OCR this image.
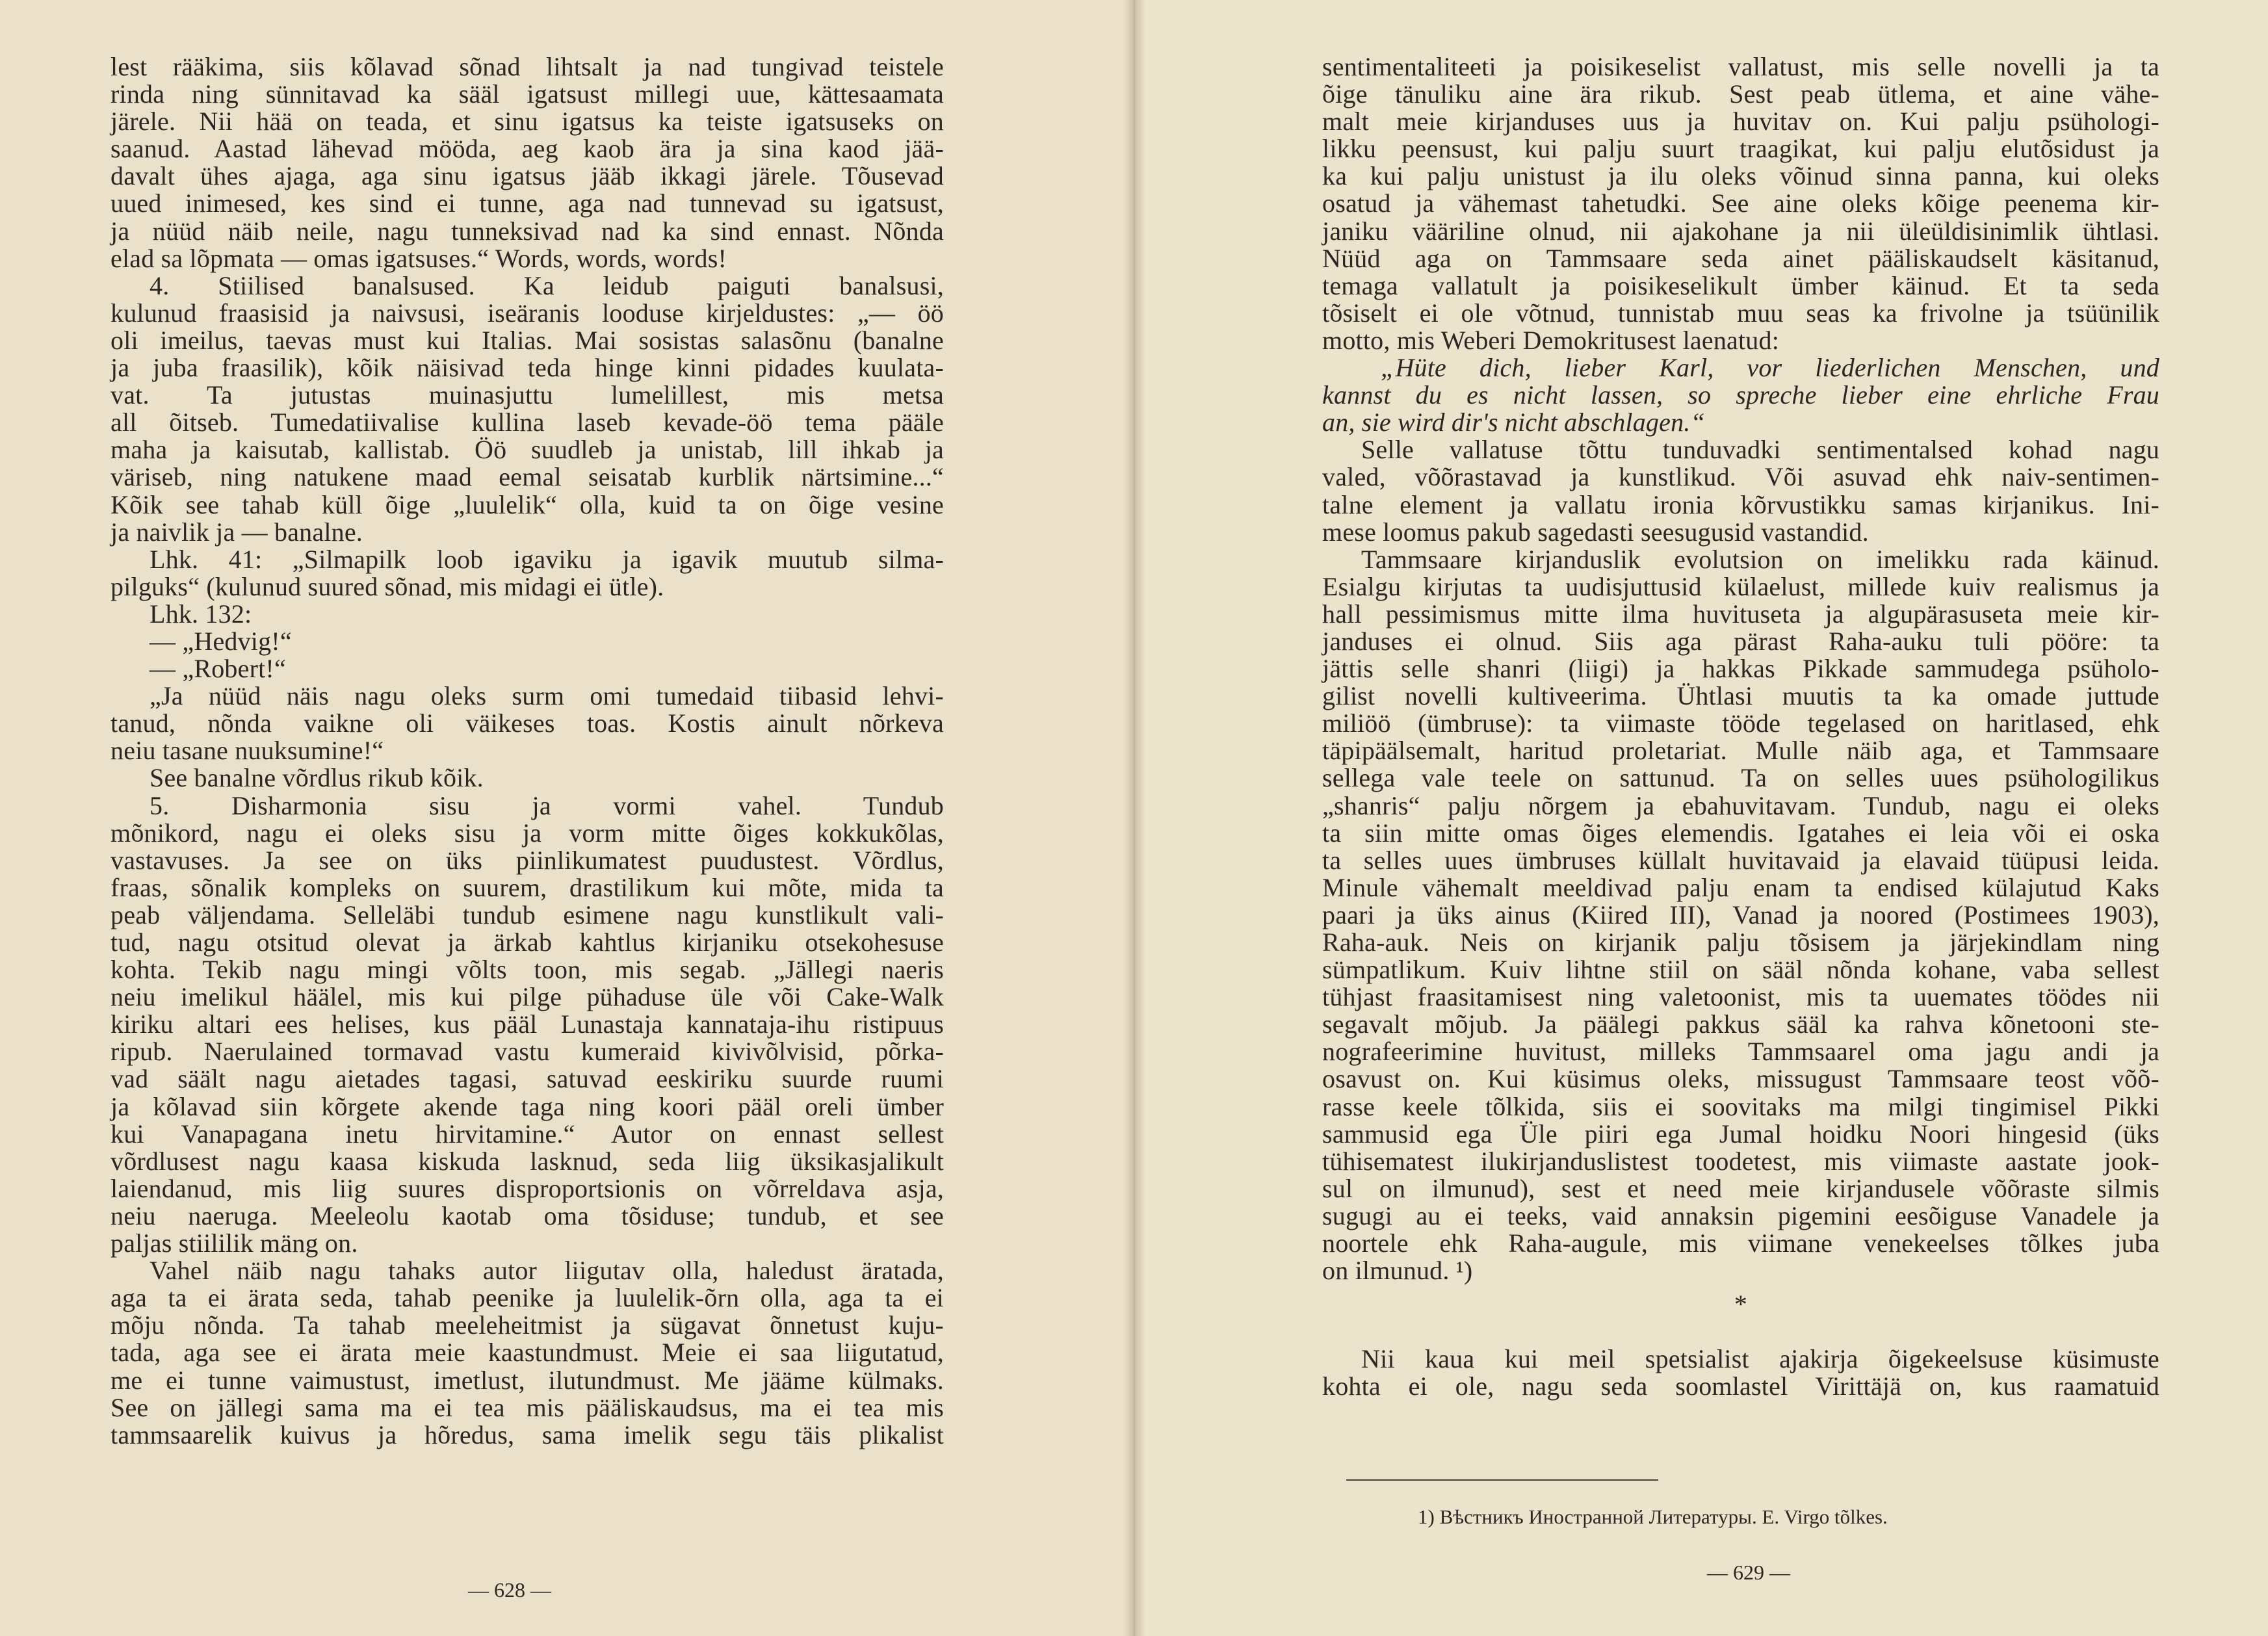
lest rääkima, siis kõlavad sõnad lihtsalt ja nad tungivad teistele
rinda ning sünnitavad ka sääl igatsust millegi uue, kättesaamata
järele. Nii hää on teada, et sinu igatsus ka teiste igatsuseks on
saanud. Aastad lähevad mööda, aeg kaob ära ja sina kaod jää-
davalt ühes ajaga, aga sinu igatsus jääb ikkagi järele. Tõusevad
uued inimesed, kes sind ei tunne, aga nad tunnevad su igatsust,
ja nüüd näib neile, nagu tunneksivad nad ka sind ennast. Nõnda
elad sa lõpmata — omas igatsuses.“ Words, words, words!
4. Stiilised banalsused. Ka leidub paiguti banalsusi,
kulunud fraasisid ja naivsusi, iseäranis looduse kirjeldustes: „— öö
oli imeilus, taevas must kui Italias. Mai sosistas salasõnu (banalne
ja juba fraasilik), kõik näisivad teda hinge kinni pidades kuulata-
vat. Ta jutustas muinasjuttu lumelillest, mis metsa
all õitseb. Tumedatiivalise kullina laseb kevade-öö tema pääle
maha ja kaisutab, kallistab. Öö suudleb ja unistab, lill ihkab ja
väriseb, ning natukene maad eemal seisatab kurblik närtsimine...“
Kõik see tahab küll õige „luulelik“ olla, kuid ta on õige vesine
ja naivlik ja — banalne.
Lhk. 41: „Silmapilk loob igaviku ja igavik muutub silma-
pilguks“ (kulunud suured sõnad, mis midagi ei ütle).
Lhk. 132:
— „Hedvig!“
— „Robert!“
„Ja nüüd näis nagu oleks surm omi tumedaid tiibasid lehvi-
tanud, nõnda vaikne oli väikeses toas. Kostis ainult nõrkeva
neiu tasane nuuksumine!“
See banalne võrdlus rikub kõik.
5. Disharmonia sisu ja vormi vahel. Tundub
mõnikord, nagu ei oleks sisu ja vorm mitte õiges kokkukõlas,
vastavuses. Ja see on üks piinlikumatest puudustest. Võrdlus,
fraas, sõnalik kompleks on suurem, drastilikum kui mõte, mida ta
peab väljendama. Selleläbi tundub esimene nagu kunstlikult vali-
tud, nagu otsitud olevat ja ärkab kahtlus kirjaniku otsekohesuse
kohta. Tekib nagu mingi võlts toon, mis segab. „Jällegi naeris
neiu imelikul häälel, mis kui pilge pühaduse üle või Cake-Walk
kiriku altari ees helises, kus pääl Lunastaja kannataja-ihu ristipuus
ripub. Naerulained tormavad vastu kumeraid kivivõlvisid, põrka-
vad säält nagu aietades tagasi, satuvad eeskiriku suurde ruumi
ja kõlavad siin kõrgete akende taga ning koori pääl oreli ümber
kui Vanapagana inetu hirvitamine.“ Autor on ennast sellest
võrdlusest nagu kaasa kiskuda lasknud, seda liig üksikasjalikult
laiendanud, mis liig suures disproportsionis on võrreldava asja,
neiu naeruga. Meeleolu kaotab oma tõsiduse; tundub, et see
paljas stiililik mäng on.
Vahel näib nagu tahaks autor liigutav olla, haledust äratada,
aga ta ei ärata seda, tahab peenike ja luulelik-õrn olla, aga ta ei
mõju nõnda. Ta tahab meeleheitmist ja sügavat õnnetust kuju-
tada, aga see ei ärata meie kaastundmust. Meie ei saa liigutatud,
me ei tunne vaimustust, imetlust, ilutundmust. Me jääme külmaks.
See on jällegi sama ma ei tea mis pääliskaudsus, ma ei tea mis
tammsaarelik kuivus ja hõredus, sama imelik segu täis plikalist
— 628 —
sentimentaliteeti ja poisikeselist vallatust, mis selle novelli ja ta
õige tänuliku aine ära rikub. Sest peab ütlema, et aine vähe-
malt meie kirjanduses uus ja huvitav on. Kui palju psühologi-
likku peensust, kui palju suurt traagikat, kui palju elutõsidust ja
ka kui palju unistust ja ilu oleks võinud sinna panna, kui oleks
osatud ja vähemast tahetudki. See aine oleks kõige peenema kir-
janiku vääriline olnud, nii ajakohane ja nii üleüldisinimlik ühtlasi.
Nüüd aga on Tammsaare seda ainet pääliskaudselt käsitanud,
temaga vallatult ja poisikeselikult ümber käinud. Et ta seda
tõsiselt ei ole võtnud, tunnistab muu seas ka frivolne ja tsüünilik
motto, mis Weberi Demokritusest laenatud:
„Hüte dich, lieber Karl, vor liederlichen Menschen, und
kannst du es nicht lassen, so spreche lieber eine ehrliche Frau
an, sie wird dir's nicht abschlagen.“
Selle vallatuse tõttu tunduvadki sentimentalsed kohad nagu
valed, võõrastavad ja kunstlikud. Või asuvad ehk naiv-sentimen-
talne element ja vallatu ironia kõrvustikku samas kirjanikus. Ini-
mese loomus pakub sagedasti seesugusid vastandid.
Tammsaare kirjanduslik evolutsion on imelikku rada käinud.
Esialgu kirjutas ta uudisjuttusid külaelust, millede kuiv realismus ja
hall pessimismus mitte ilma huvituseta ja algupärasuseta meie kir-
janduses ei olnud. Siis aga pärast Raha-auku tuli pööre: ta
jättis selle shanri (liigi) ja hakkas Pikkade sammudega psüholo-
gilist novelli kultiveerima. Ühtlasi muutis ta ka omade juttude
miliöö (ümbruse): ta viimaste tööde tegelased on haritlased, ehk
täpipäälsemalt, haritud proletariat. Mulle näib aga, et Tammsaare
sellega vale teele on sattunud. Ta on selles uues psühologilikus
„shanris“ palju nõrgem ja ebahuvitavam. Tundub, nagu ei oleks
ta siin mitte omas õiges elemendis. Igatahes ei leia või ei oska
ta selles uues ümbruses küllalt huvitavaid ja elavaid tüüpusi leida.
Minule vähemalt meeldivad palju enam ta endised külajutud Kaks
paari ja üks ainus (Kiired III), Vanad ja noored (Postimees 1903),
Raha-auk. Neis on kirjanik palju tõsisem ja järjekindlam ning
sümpatlikum. Kuiv lihtne stiil on sääl nõnda kohane, vaba sellest
tühjast fraasitamisest ning valetoonist, mis ta uuemates töödes nii
segavalt mõjub. Ja päälegi pakkus sääl ka rahva kõnetooni ste-
nografeerimine huvitust, milleks Tammsaarel oma jagu andi ja
osavust on. Kui küsimus oleks, missugust Tammsaare teost võõ-
rasse keele tõlkida, siis ei soovitaks ma milgi tingimisel Pikki
sammusid ega Üle piiri ega Jumal hoidku Noori hingesid (üks
tühisematest ilukirjanduslistest toodetest, mis viimaste aastate jook-
sul on ilmunud), sest et need meie kirjandusele võõraste silmis
sugugi au ei teeks, vaid annaksin pigemini eesõiguse Vanadele ja
noortele ehk Raha-augule, mis viimane venekeelses tõlkes juba
on ilmunud. ¹)
*
Nii kaua kui meil spetsialist ajakirja õigekeelsuse küsimuste
kohta ei ole, nagu seda soomlastel Virittäjä on, kus raamatuid
1) Вѣстникъ Иностранной Литературы. E. Virgo tõlkes.
— 629 —
